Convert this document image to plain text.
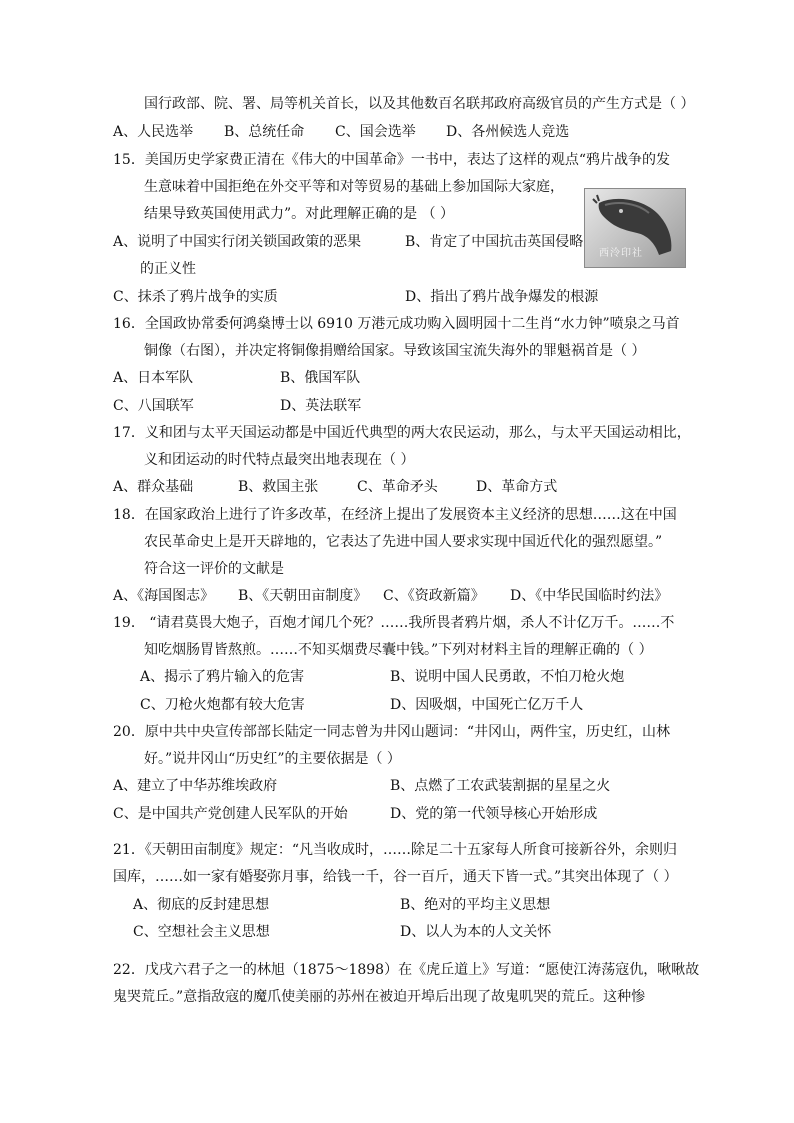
国行政部、院、署、局等机关首长，以及其他数百名联邦政府高级官员的产生方式是（ ）
A、人民选举 B、总统任命 C、国会选举 D、各州候选人竞选
15．美国历史学家费正清在《伟大的中国革命》一书中，表达了这样的观点“鸦片战争的发
生意味着中国拒绝在外交平等和对等贸易的基础上参加国际大家庭，
结果导致英国使用武力”。对此理解正确的是 （ ）
西泠印社
A、说明了中国实行闭关锁国政策的恶果	B、肯定了中国抗击英国侵略
的正义性
C、抹杀了鸦片战争的实质	D、指出了鸦片战争爆发的根源
16．全国政协常委何鸿燊博士以 6910 万港元成功购入圆明园十二生肖“水力钟”喷泉之马首
铜像（右图），并决定将铜像捐赠给国家。导致该国宝流失海外的罪魁祸首是（ ）
A、日本军队	B、俄国军队
C、八国联军	D、英法联军
17．义和团与太平天国运动都是中国近代典型的两大农民运动，那么，与太平天国运动相比，
义和团运动的时代特点最突出地表现在（ ）
A、群众基础	B、救国主张	C、革命矛头	D、革命方式
18．在国家政治上进行了许多改革，在经济上提出了发展资本主义经济的思想……这在中国
农民革命史上是开天辟地的，它表达了先进中国人要求实现中国近代化的强烈愿望。”
符合这一评价的文献是
A、《海国图志》 B、《天朝田亩制度》 C、《资政新篇》 D、《中华民国临时约法》
19． “请君莫畏大炮子，百炮才闻几个死？……我所畏者鸦片烟，杀人不计亿万千。……不
知吃烟肠胃皆熬煎。……不知买烟费尽囊中钱。”下列对材料主旨的理解正确的（ ）
A、揭示了鸦片输入的危害	B、说明中国人民勇敢，不怕刀枪火炮
C、刀枪火炮都有较大危害	D、因吸烟，中国死亡亿万千人
20．原中共中央宣传部部长陆定一同志曾为井冈山题词：“井冈山，两件宝，历史红，山林
好。”说井冈山“历史红”的主要依据是（ ）
A、建立了中华苏维埃政府	B、点燃了工农武装割据的星星之火
C、是中国共产党创建人民军队的开始	D、党的第一代领导核心开始形成
21．《天朝田亩制度》规定：“凡当收成时，……除足二十五家每人所食可接新谷外，余则归
国库，……如一家有婚娶弥月事，给钱一千，谷一百斤，通天下皆一式。”其突出体现了（ ）
A、彻底的反封建思想	B、绝对的平均主义思想
C、空想社会主义思想	D、以人为本的人文关怀
22．戊戌六君子之一的林旭（1875～1898）在《虎丘道上》写道：“愿使江涛荡寇仇，啾啾故
鬼哭荒丘。”意指敌寇的魔爪使美丽的苏州在被迫开埠后出现了故鬼叽哭的荒丘。这种惨
